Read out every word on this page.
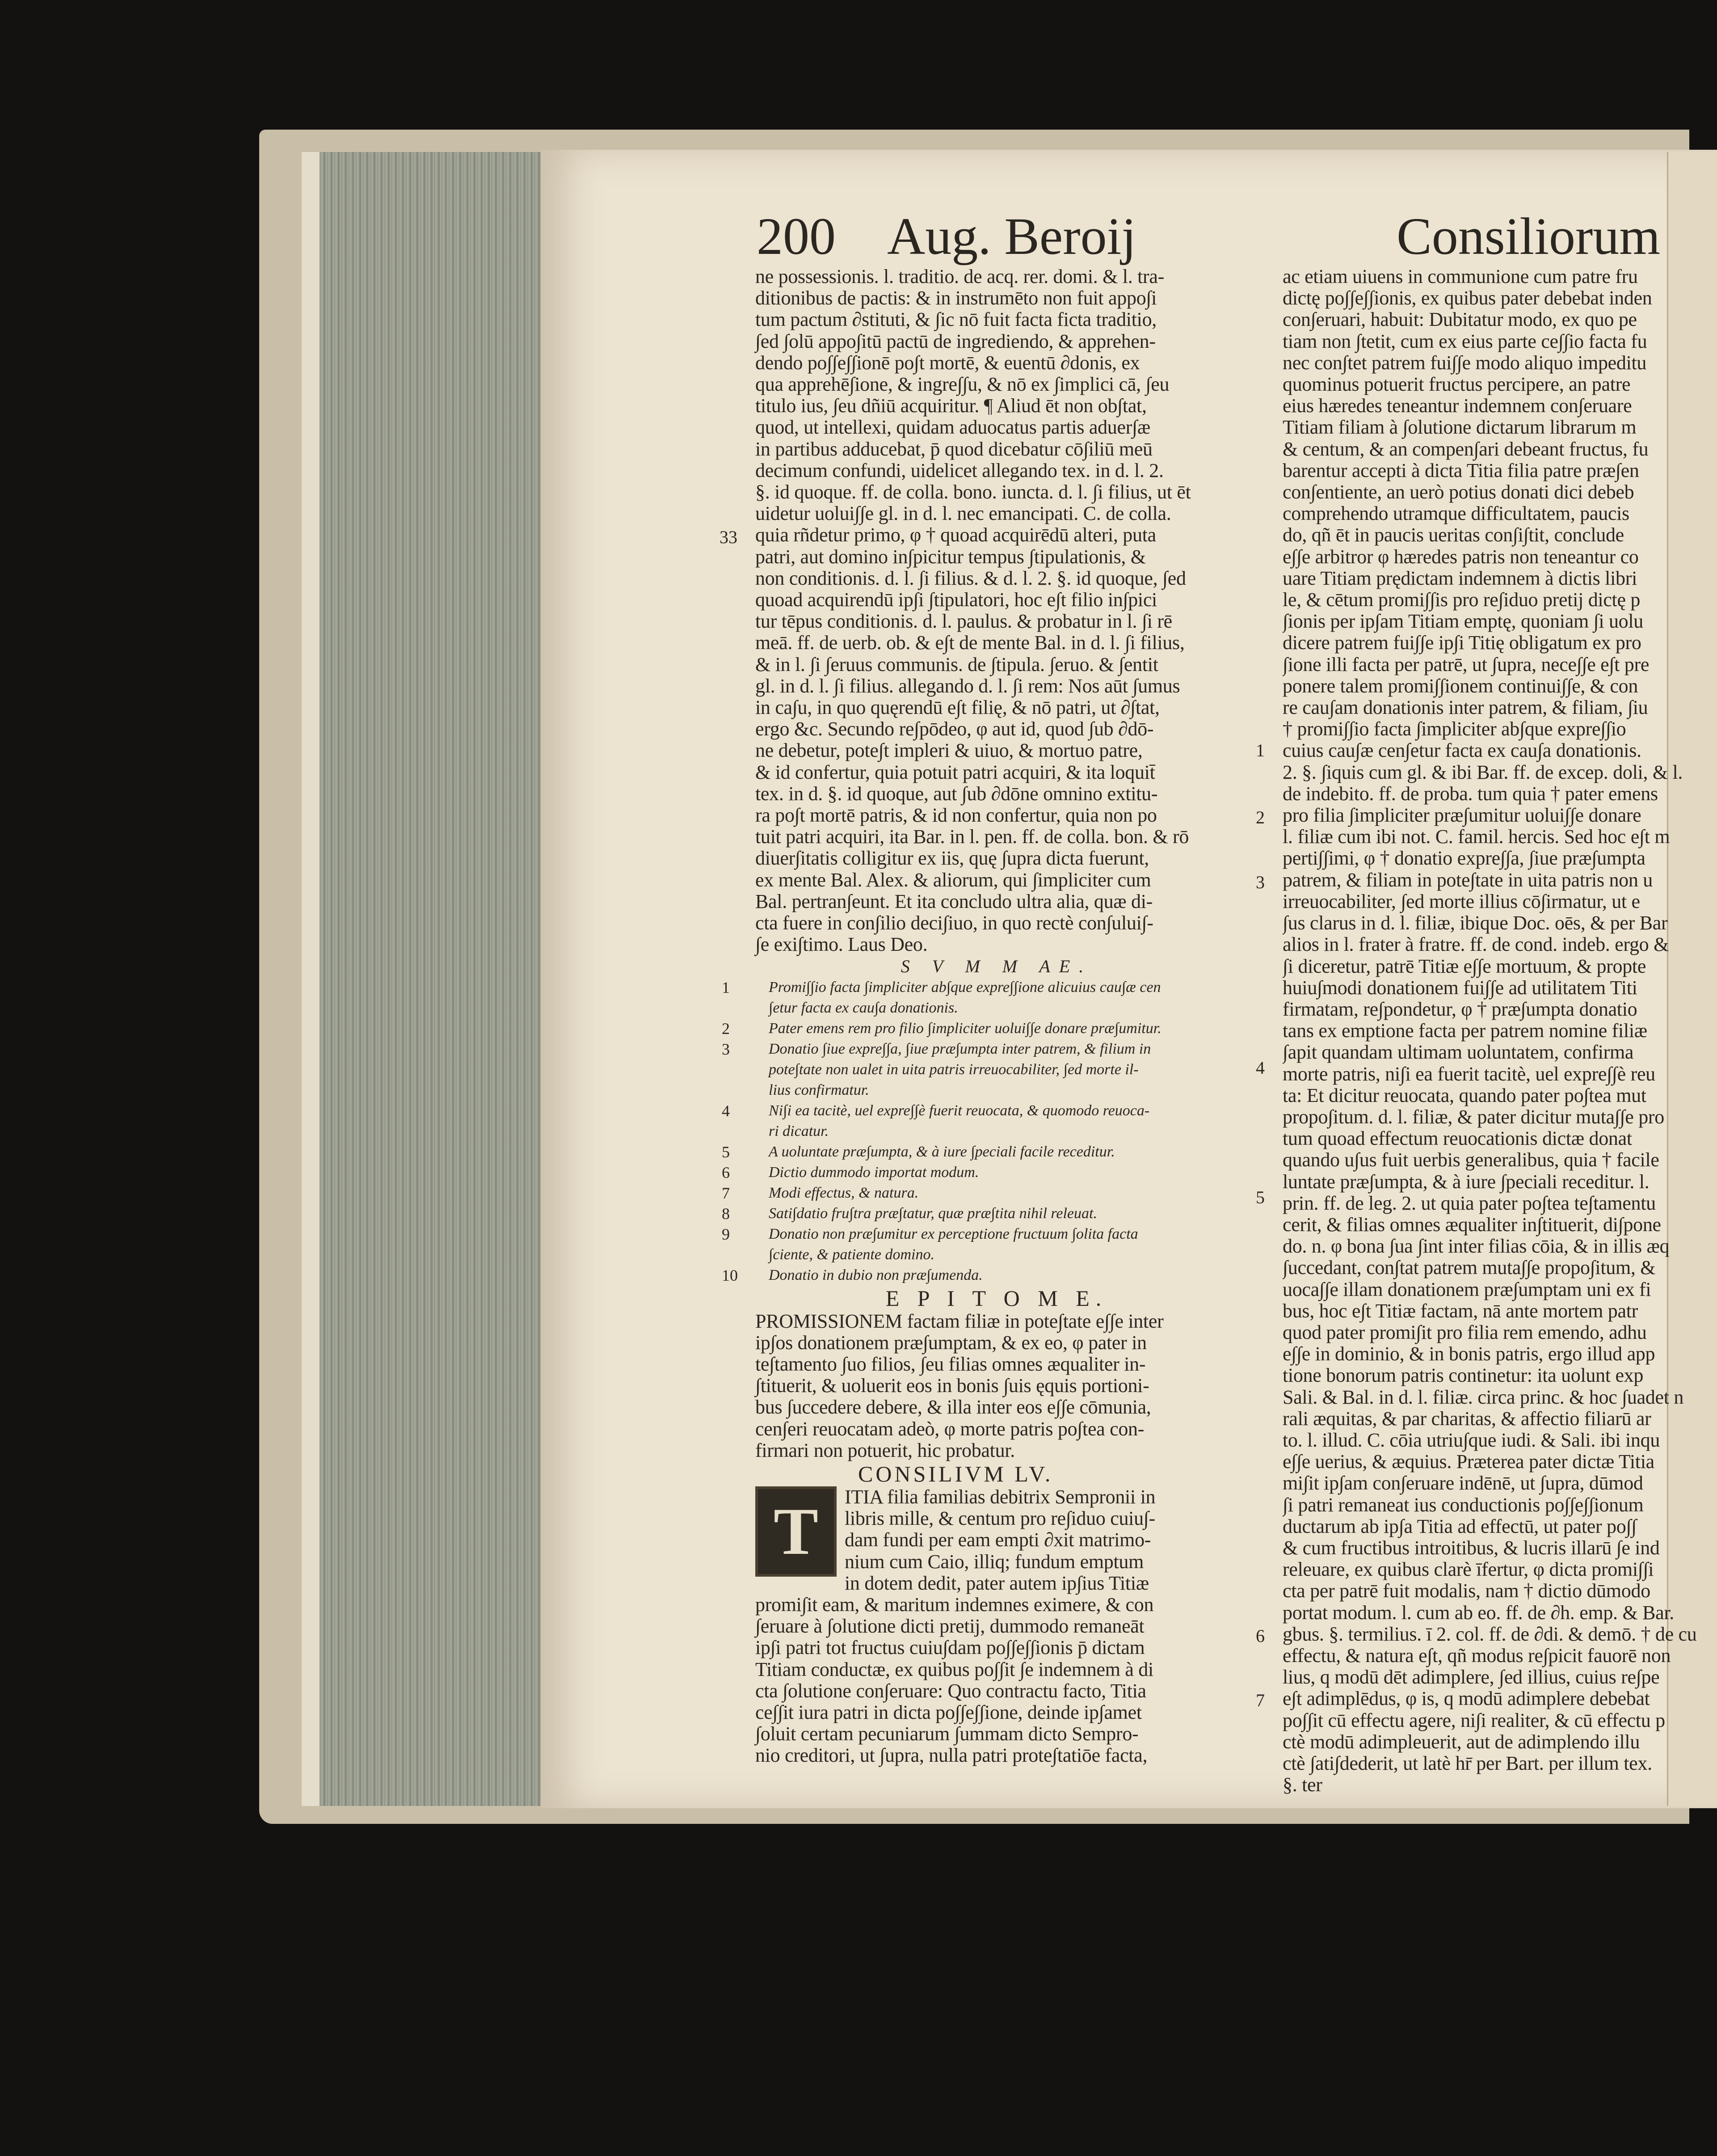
200 Aug. Beroij	Consiliorum
33
ne possessionis. l. traditio. de acq. rer. domi. & l. tra-
ditionibus de pactis: & in instrumēto non fuit appo∫i
tum pactum ∂stituti, & ∫ic nō fuit facta ficta traditio,
∫ed ∫olū appo∫itū pactū de ingrediendo, & apprehen-
dendo po∫∫e∫∫ionē po∫t mortē, & euentū ∂donis, ex
qua apprehē∫ione, & ingre∫∫u, & nō ex ∫implici cā, ∫eu
titulo ius, ∫eu dñiū acquiritur. ¶ Aliud ēt non ob∫tat,
quod, ut intellexi, quidam aduocatus partis aduer∫æ
in partibus adducebat, p̄ quod dicebatur cō∫iliū meū
decimum confundi, uidelicet allegando tex. in d. l. 2.
§. id quoque. ff. de colla. bono. iuncta. d. l. ∫i filius, ut ēt
uidetur uolui∫∫e gl. in d. l. nec emancipati. C. de colla.
quia rñdetur primo, φ † quoad acquirēdū alteri, puta
patri, aut domino in∫picitur tempus ∫tipulationis, &
non conditionis. d. l. ∫i filius. & d. l. 2. §. id quoque, ∫ed
quoad acquirendū ip∫i ∫tipulatori, hoc e∫t filio in∫pici
tur tēpus conditionis. d. l. paulus. & probatur in l. ∫i rē
meā. ff. de uerb. ob. & e∫t de mente Bal. in d. l. ∫i filius,
& in l. ∫i ∫eruus communis. de ∫tipula. ∫eruo. & ∫entit
gl. in d. l. ∫i filius. allegando d. l. ∫i rem: Nos aūt ∫umus
in ca∫u, in quo quęrendū e∫t filię, & nō patri, ut ∂∫tat,
ergo &c. Secundo re∫pōdeo, φ aut id, quod ∫ub ∂dō-
ne debetur, pote∫t impleri & uiuo, & mortuo patre,
& id confertur, quia potuit patri acquiri, & ita loquit̄
tex. in d. §. id quoque, aut ∫ub ∂dōne omnino extitu-
ra po∫t mortē patris, & id non confertur, quia non po
tuit patri acquiri, ita Bar. in l. pen. ff. de colla. bon. & rō
diuer∫itatis colligitur ex iis, quę ∫upra dicta fuerunt,
ex mente Bal. Alex. & aliorum, qui ∫impliciter cum
Bal. pertran∫eunt. Et ita concludo ultra alia, quæ di-
cta fuere in con∫ilio deci∫iuo, in quo rectè con∫ului∫-
∫e exi∫timo. Laus Deo.
S V M M AE.
1	Promi∫∫io facta ∫impliciter ab∫que expre∫∫ione alicuius cau∫æ cen
∫etur facta ex cau∫a donationis.
2	Pater emens rem pro filio ∫impliciter uolui∫∫e donare præ∫umitur.
3	Donatio ∫iue expre∫∫a, ∫iue præ∫umpta inter patrem, & filium in
pote∫tate non ualet in uita patris irreuocabiliter, ∫ed morte il-
lius confirmatur.
4	Ni∫i ea tacitè, uel expre∫∫è fuerit reuocata, & quomodo reuoca-
ri dicatur.
5	A uoluntate præ∫umpta, & à iure ∫peciali facile receditur.
6	Dictio dummodo importat modum.
7	Modi effectus, & natura.
8	Sati∫datio fru∫tra præ∫tatur, quæ præ∫tita nihil releuat.
9	Donatio non præ∫umitur ex perceptione fructuum ∫olita facta
∫ciente, & patiente domino.
10	Donatio in dubio non præ∫umenda.
E P I T O M E.
PROMISSIONEM factam filiæ in pote∫tate e∫∫e inter
ip∫os donationem præ∫umptam, & ex eo, φ pater in
te∫tamento ∫uo filios, ∫eu filias omnes æqualiter in-
∫tituerit, & uoluerit eos in bonis ∫uis ęquis portioni-
bus ∫uccedere debere, & illa inter eos e∫∫e cōmunia,
cen∫eri reuocatam adeò, φ morte patris po∫tea con-
firmari non potuerit, hic probatur.
CONSILIVM LV.
T	ITIA filia familias debitrix Sempronii in
libris mille, & centum pro re∫iduo cuiu∫-
dam fundi per eam empti ∂xit matrimo-
nium cum Caio, illiq; fundum emptum
in dotem dedit, pater autem ip∫ius Titiæ
promi∫it eam, & maritum indemnes eximere, & con
∫eruare à ∫olutione dicti pretij, dummodo remaneāt
ip∫i patri tot fructus cuiu∫dam po∫∫e∫∫ionis p̄ dictam
Titiam conductæ, ex quibus po∫∫it ∫e indemnem à di
cta ∫olutione con∫eruare: Quo contractu facto, Titia
ce∫∫it iura patri in dicta po∫∫e∫∫ione, deinde ip∫amet
∫oluit certam pecuniarum ∫ummam dicto Sempro-
nio creditori, ut ∫upra, nulla patri prote∫tatiōe facta,
ac etiam uiuens in communione cum patre fru
dictę po∫∫e∫∫ionis, ex quibus pater debebat inden
con∫eruari, habuit: Dubitatur modo, ex quo pe
tiam non ∫tetit, cum ex eius parte ce∫∫io facta fu
nec con∫tet patrem fui∫∫e modo aliquo impeditu
quominus potuerit fructus percipere, an patre
eius hæredes teneantur indemnem con∫eruare
Titiam filiam à ∫olutione dictarum librarum m
& centum, & an compen∫ari debeant fructus, fu
barentur accepti à dicta Titia filia patre præ∫en
con∫entiente, an uerò potius donati dici debeb
comprehendo utramque difficultatem, paucis
do, qñ ēt in paucis ueritas con∫i∫tit, conclude
e∫∫e arbitror φ hæredes patris non teneantur co
uare Titiam prędictam indemnem à dictis libri
le, & cētum promi∫∫is pro re∫iduo pretij dictę p
∫ionis per ip∫am Titiam emptę, quoniam ∫i uolu
dicere patrem fui∫∫e ip∫i Titię obligatum ex pro
∫ione illi facta per patrē, ut ∫upra, nece∫∫e e∫t pre
ponere talem promi∫∫ionem continui∫∫e, & con
re cau∫am donationis inter patrem, & filiam, ∫iu
† promi∫∫io facta ∫impliciter ab∫que expre∫∫io
cuius cau∫æ cen∫etur facta ex cau∫a donationis.
2. §. ∫iquis cum gl. & ibi Bar. ff. de excep. doli, & l.
de indebito. ff. de proba. tum quia † pater emens
pro filia ∫impliciter præ∫umitur uolui∫∫e donare
l. filiæ cum ibi not. C. famil. hercis. Sed hoc e∫t m
perti∫∫imi, φ † donatio expre∫∫a, ∫iue præ∫umpta
patrem, & filiam in pote∫tate in uita patris non u
irreuocabiliter, ∫ed morte illius cō∫irmatur, ut e
∫us clarus in d. l. filiæ, ibique Doc. oēs, & per Bar
alios in l. frater à fratre. ff. de cond. indeb. ergo &
∫i diceretur, patrē Titiæ e∫∫e mortuum, & propte
huiu∫modi donationem fui∫∫e ad utilitatem Titi
firmatam, re∫pondetur, φ † præ∫umpta donatio
tans ex emptione facta per patrem nomine filiæ
∫apit quandam ultimam uoluntatem, confirma
morte patris, ni∫i ea fuerit tacitè, uel expre∫∫è reu
ta: Et dicitur reuocata, quando pater po∫tea mut
propo∫itum. d. l. filiæ, & pater dicitur muta∫∫e pro
tum quoad effectum reuocationis dictæ donat
quando u∫us fuit uerbis generalibus, quia † facile
luntate præ∫umpta, & à iure ∫peciali receditur. l.
prin. ff. de leg. 2. ut quia pater po∫tea te∫tamentu
cerit, & filias omnes æqualiter in∫tituerit, di∫pone
do. n. φ bona ∫ua ∫int inter filias cōia, & in illis æq
∫uccedant, con∫tat patrem muta∫∫e propo∫itum, &
uoca∫∫e illam donationem præ∫umptam uni ex fi
bus, hoc e∫t Titiæ factam, nā ante mortem patr
quod pater promi∫it pro filia rem emendo, adhu
e∫∫e in dominio, & in bonis patris, ergo illud app
tione bonorum patris continetur: ita uolunt exp
Sali. & Bal. in d. l. filiæ. circa princ. & hoc ∫uadet n
rali æquitas, & par charitas, & affectio filiarū ar
to. l. illud. C. cōia utriu∫que iudi. & Sali. ibi inqu
e∫∫e uerius, & æquius. Præterea pater dictæ Titia
mi∫it ip∫am con∫eruare indēnē, ut ∫upra, dūmod
∫i patri remaneat ius conductionis po∫∫e∫∫ionum
ductarum ab ip∫a Titia ad effectū, ut pater po∫∫
& cum fructibus introitibus, & lucris illarū ∫e ind
releuare, ex quibus clarè īfertur, φ dicta promi∫∫i
cta per patrē fuit modalis, nam † dictio dūmodo
portat modum. l. cum ab eo. ff. de ∂h. emp. & Bar.
gbus. §. termilius. ī 2. col. ff. de ∂di. & demō. † de cu
effectu, & natura e∫t, qñ modus re∫picit fauorē non
lius, q modū dēt adimplere, ∫ed illius, cuius re∫pe
e∫t adimplēdus, φ is, q modū adimplere debebat
po∫∫it cū effectu agere, ni∫i realiter, & cū effectu p
ctè modū adimpleuerit, aut de adimplendo illu
ctè ∫ati∫dederit, ut latè hr̄ per Bart. per illum tex.
§. ter
1
2
3
4
5
6
7
